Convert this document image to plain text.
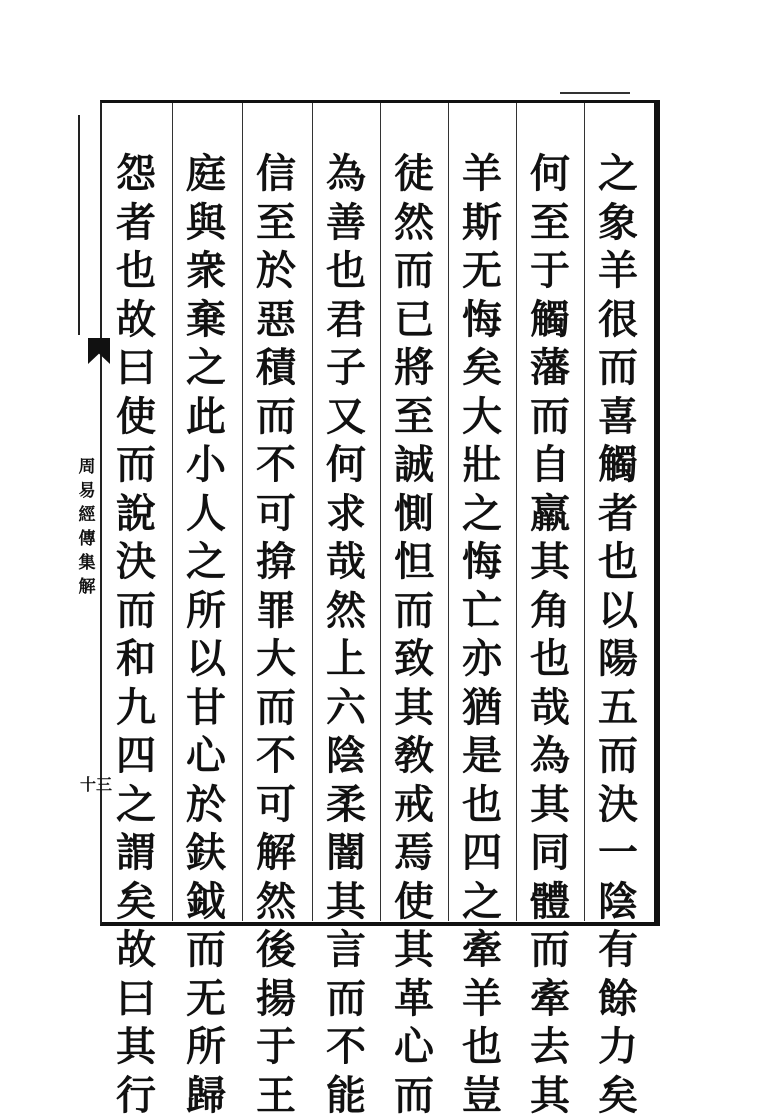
周
易
經
傳
集
解
十三
之
象
羊
很
而
喜
觸
者
也
以
陽
五
而
決
一
陰
有
餘
力
矣
何
至
于
觸
藩
而
自
羸
其
角
也
哉
為
其
同
體
而
牽
去
其
羊
斯
无
悔
矣
大
壯
之
悔
亡
亦
猶
是
也
四
之
牽
羊
也
豈
徒
然
而
已
將
至
誠
惻
怛
而
致
其
敎
戒
焉
使
其
革
心
而
為
善
也
君
子
又
何
求
哉
然
上
六
陰
柔
闇
其
言
而
不
能
信
至
於
惡
積
而
不
可
揜
罪
大
而
不
可
解
然
後
揚
于
王
庭
與
衆
棄
之
此
小
人
之
所
以
甘
心
於
鈇
鉞
而
无
所
歸
怨
者
也
故
曰
使
而
說
決
而
和
九
四
之
謂
矣
故
曰
其
行
